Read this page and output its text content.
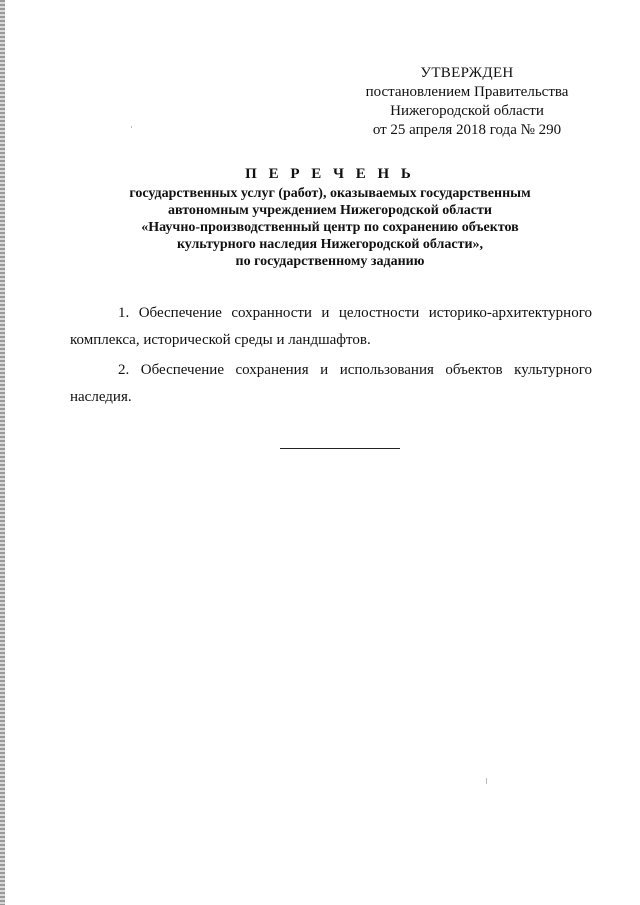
УТВЕРЖДЕН
постановлением Правительства
Нижегородской области
от 25 апреля 2018 года № 290
П Е Р Е Ч Е Н Ь
государственных услуг (работ), оказываемых государственным
автономным учреждением Нижегородской области
«Научно-производственный центр по сохранению объектов
культурного наследия Нижегородской области»,
по государственному заданию

1. Обеспечение сохранности и целостности историко-архитектурного комплекса, исторической среды и ландшафтов.

2. Обеспечение сохранения и использования объектов культурного наследия.
